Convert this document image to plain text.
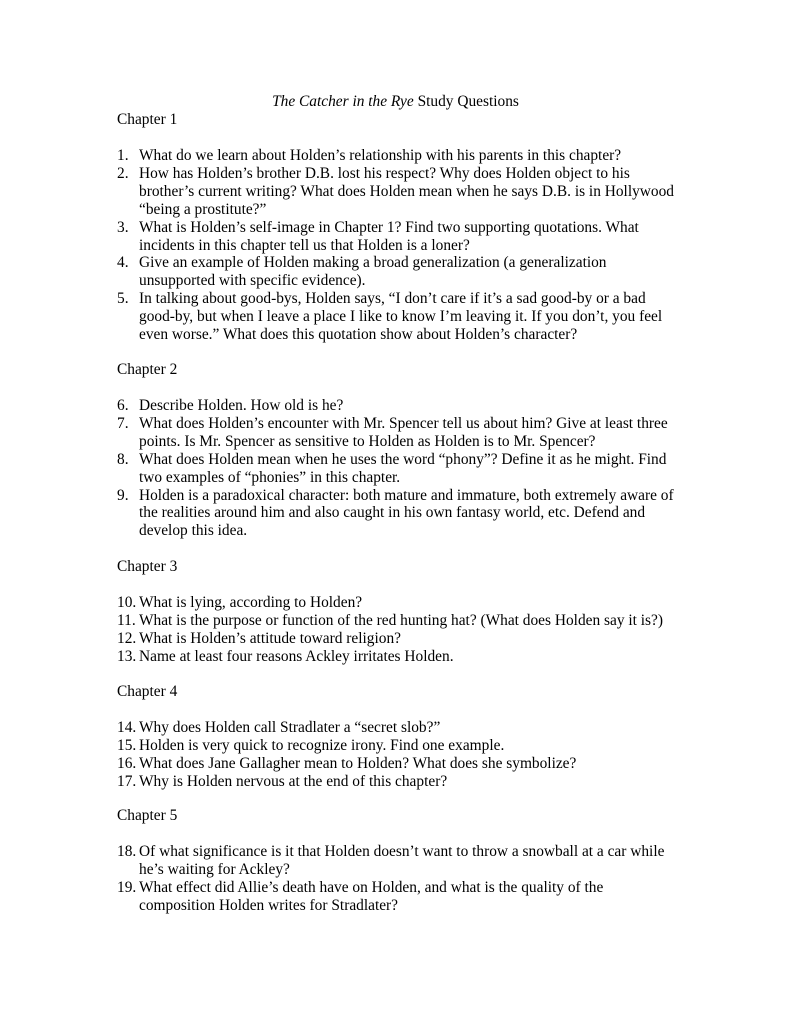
The Catcher in the Rye Study Questions
Chapter 1
1. What do we learn about Holden’s relationship with his parents in this chapter?
2. How has Holden’s brother D.B. lost his respect? Why does Holden object to his brother’s current writing? What does Holden mean when he says D.B. is in Hollywood “being a prostitute?”
3. What is Holden’s self-image in Chapter 1? Find two supporting quotations. What incidents in this chapter tell us that Holden is a loner?
4. Give an example of Holden making a broad generalization (a generalization unsupported with specific evidence).
5. In talking about good-bys, Holden says, “I don’t care if it’s a sad good-by or a bad good-by, but when I leave a place I like to know I’m leaving it. If you don’t, you feel even worse.” What does this quotation show about Holden’s character?
Chapter 2
6. Describe Holden. How old is he?
7. What does Holden’s encounter with Mr. Spencer tell us about him? Give at least three points. Is Mr. Spencer as sensitive to Holden as Holden is to Mr. Spencer?
8. What does Holden mean when he uses the word “phony”? Define it as he might. Find two examples of “phonies” in this chapter.
9. Holden is a paradoxical character: both mature and immature, both extremely aware of the realities around him and also caught in his own fantasy world, etc. Defend and develop this idea.
Chapter 3
10. What is lying, according to Holden?
11. What is the purpose or function of the red hunting hat? (What does Holden say it is?)
12. What is Holden’s attitude toward religion?
13. Name at least four reasons Ackley irritates Holden.
Chapter 4
14. Why does Holden call Stradlater a “secret slob?”
15. Holden is very quick to recognize irony. Find one example.
16. What does Jane Gallagher mean to Holden? What does she symbolize?
17. Why is Holden nervous at the end of this chapter?
Chapter 5
18. Of what significance is it that Holden doesn’t want to throw a snowball at a car while he’s waiting for Ackley?
19. What effect did Allie’s death have on Holden, and what is the quality of the composition Holden writes for Stradlater?
